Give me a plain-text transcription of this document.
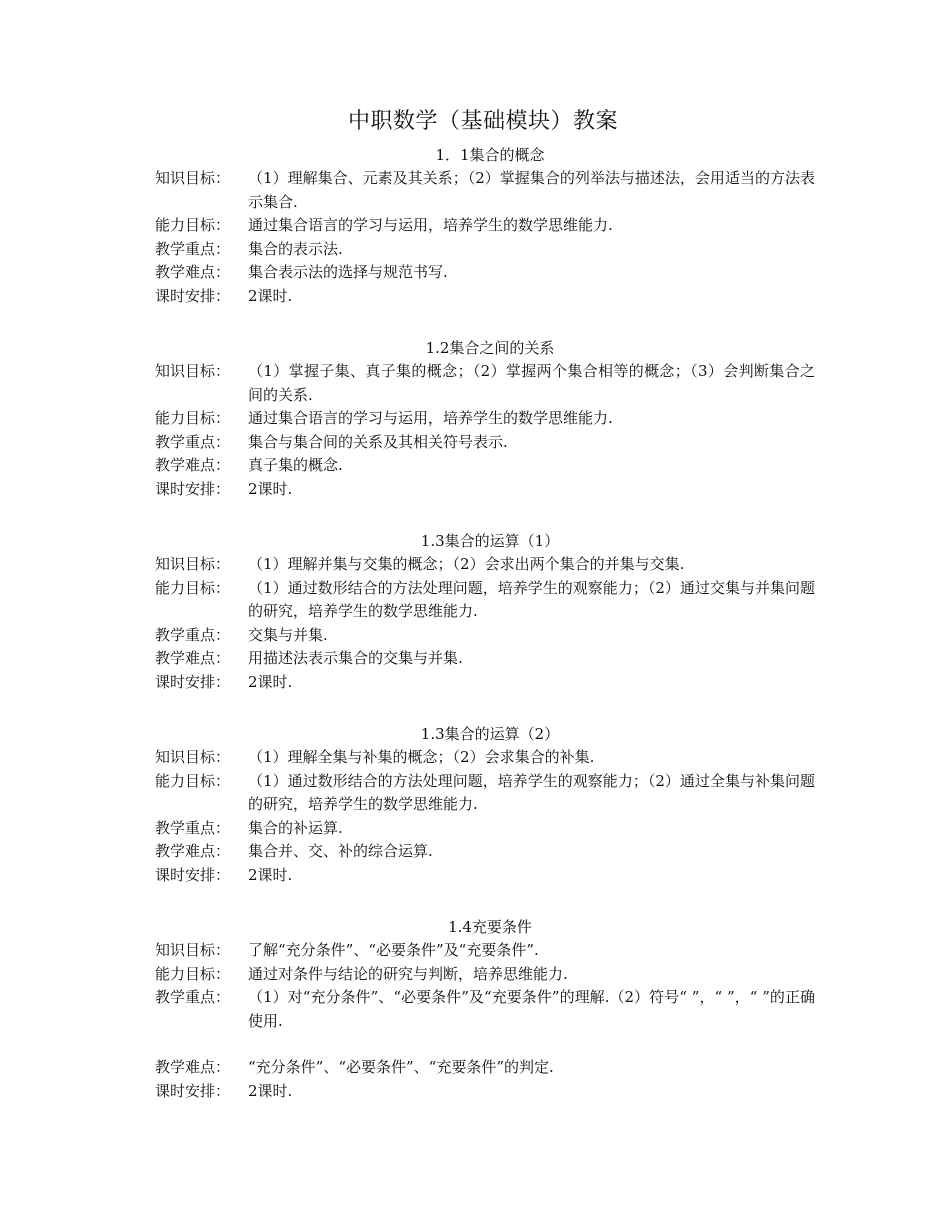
中职数学（基础模块）教案
1．1集合的概念
知识目标：	（1）理解集合、元素及其关系；（2）掌握集合的列举法与描述法，会用适当的方法表示集合.
能力目标：	通过集合语言的学习与运用，培养学生的数学思维能力.
教学重点：	集合的表示法.
教学难点：	集合表示法的选择与规范书写.
课时安排：	2课时.
1.2集合之间的关系
知识目标：	（1）掌握子集、真子集的概念；（2）掌握两个集合相等的概念；（3）会判断集合之间的关系.
能力目标：	通过集合语言的学习与运用，培养学生的数学思维能力.
教学重点：	集合与集合间的关系及其相关符号表示.
教学难点：	真子集的概念.
课时安排：	2课时.
1.3集合的运算（1）
知识目标：	（1）理解并集与交集的概念；（2）会求出两个集合的并集与交集.
能力目标：	（1）通过数形结合的方法处理问题，培养学生的观察能力；（2）通过交集与并集问题的研究，培养学生的数学思维能力.
教学重点：	交集与并集.
教学难点：	用描述法表示集合的交集与并集.
课时安排：	2课时.
1.3集合的运算（2）
知识目标：	（1）理解全集与补集的概念；（2）会求集合的补集.
能力目标：	（1）通过数形结合的方法处理问题，培养学生的观察能力；（2）通过全集与补集问题的研究，培养学生的数学思维能力.
教学重点：	集合的补运算.
教学难点：	集合并、交、补的综合运算.
课时安排：	2课时.
1.4充要条件
知识目标：	了解“充分条件”、“必要条件”及“充要条件”.
能力目标：	通过对条件与结论的研究与判断，培养思维能力.
教学重点：	（1）对“充分条件”、“必要条件”及“充要条件”的理解.（2）符号“ ”，“ ”，“ ”的正确使用.
教学难点：	“充分条件”、“必要条件”、“充要条件”的判定.
课时安排：	2课时.
